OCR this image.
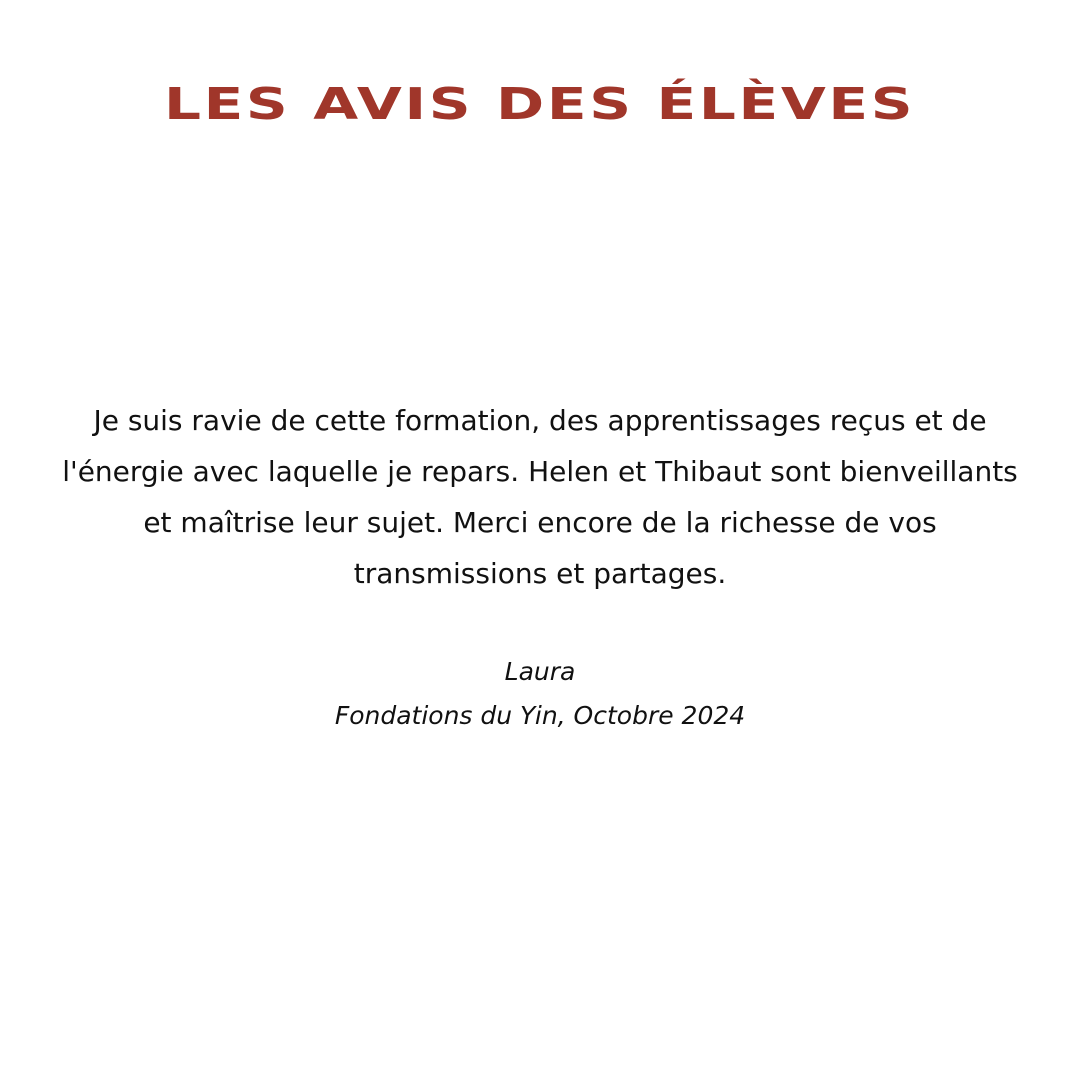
LES AVIS DES ÉLÈVES

Je suis ravie de cette formation, des apprentissages reçus et de l'énergie avec laquelle je repars. Helen et Thibaut sont bienveillants et maîtrise leur sujet. Merci encore de la richesse de vos transmissions et partages.

Laura
Fondations du Yin, Octobre 2024
